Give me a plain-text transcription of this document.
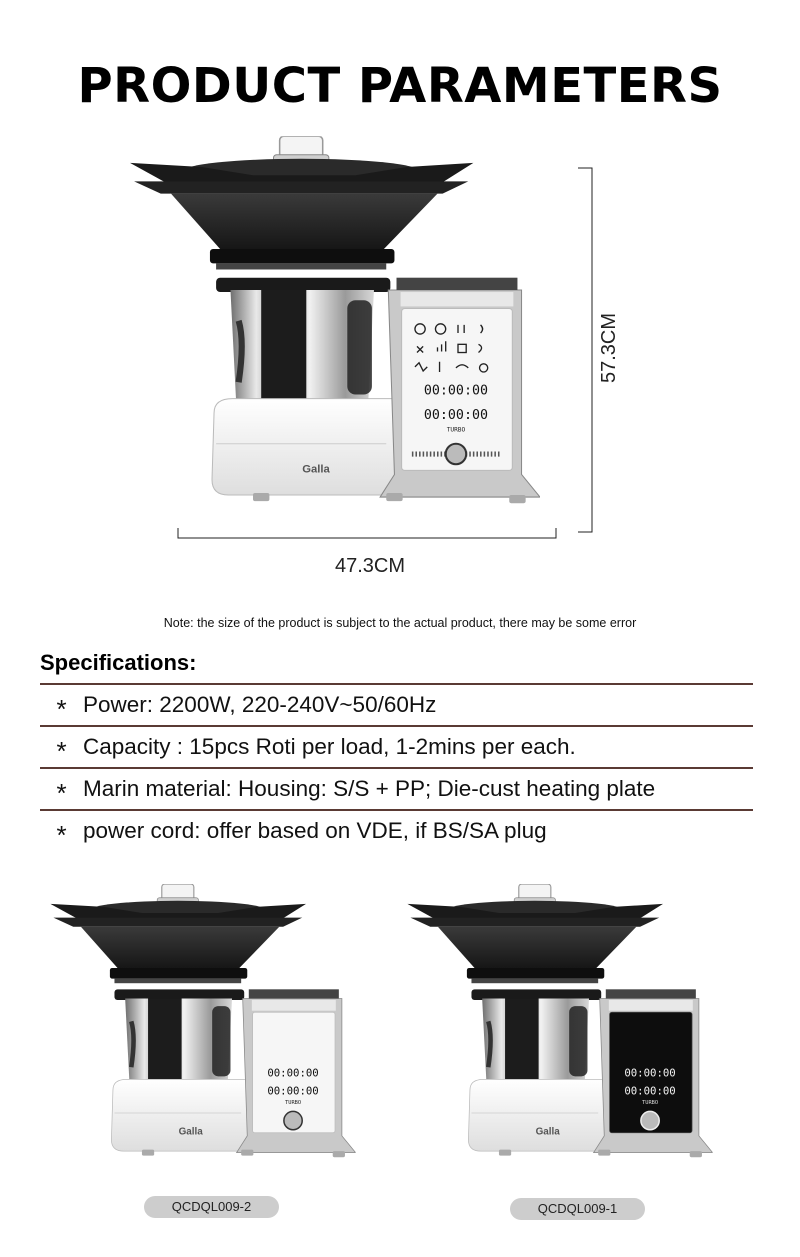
PRODUCT PARAMETERS
Galla
00:00:00
00:00:00
TURBO
47.3CM
57.3CM
Note: the size of the product is subject to the actual product, there may be some error
Specifications:
* Power: 2200W, 220-240V~50/60Hz
* Capacity : 15pcs Roti per load, 1-2mins per each.
* Marin material: Housing: S/S + PP; Die-cust heating plate
* power cord: offer based on VDE, if BS/SA plug
Galla
00:00:00
00:00:00
TURBO
QCDQL009-2
Galla
00:00:00
00:00:00
TURBO
QCDQL009-1
